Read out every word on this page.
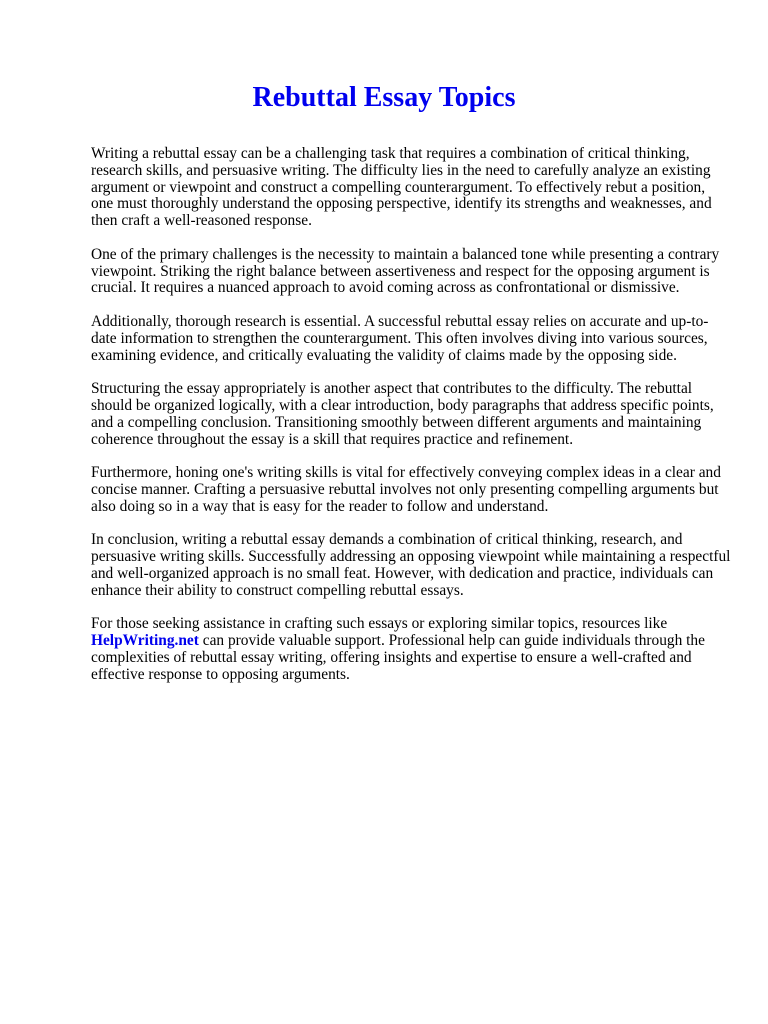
Rebuttal Essay Topics

Writing a rebuttal essay can be a challenging task that requires a combination of critical thinking, research skills, and persuasive writing. The difficulty lies in the need to carefully analyze an existing argument or viewpoint and construct a compelling counterargument. To effectively rebut a position, one must thoroughly understand the opposing perspective, identify its strengths and weaknesses, and then craft a well-reasoned response.

One of the primary challenges is the necessity to maintain a balanced tone while presenting a contrary viewpoint. Striking the right balance between assertiveness and respect for the opposing argument is crucial. It requires a nuanced approach to avoid coming across as confrontational or dismissive.

Additionally, thorough research is essential. A successful rebuttal essay relies on accurate and up-to-date information to strengthen the counterargument. This often involves diving into various sources, examining evidence, and critically evaluating the validity of claims made by the opposing side.

Structuring the essay appropriately is another aspect that contributes to the difficulty. The rebuttal should be organized logically, with a clear introduction, body paragraphs that address specific points, and a compelling conclusion. Transitioning smoothly between different arguments and maintaining coherence throughout the essay is a skill that requires practice and refinement.

Furthermore, honing one's writing skills is vital for effectively conveying complex ideas in a clear and concise manner. Crafting a persuasive rebuttal involves not only presenting compelling arguments but also doing so in a way that is easy for the reader to follow and understand.

In conclusion, writing a rebuttal essay demands a combination of critical thinking, research, and persuasive writing skills. Successfully addressing an opposing viewpoint while maintaining a respectful and well-organized approach is no small feat. However, with dedication and practice, individuals can enhance their ability to construct compelling rebuttal essays.

For those seeking assistance in crafting such essays or exploring similar topics, resources like HelpWriting.net can provide valuable support. Professional help can guide individuals through the complexities of rebuttal essay writing, offering insights and expertise to ensure a well-crafted and effective response to opposing arguments.
